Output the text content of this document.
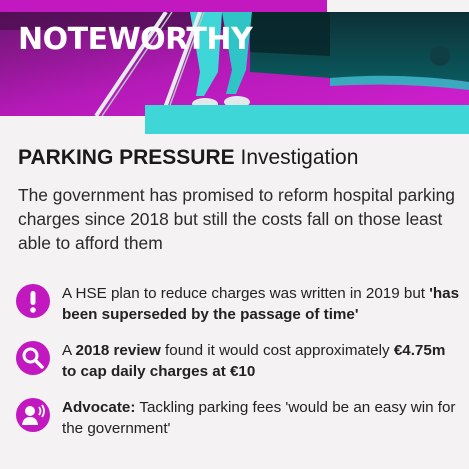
NOTEWORTHY
PARKING PRESSURE Investigation
The government has promised to reform hospital parking charges since 2018 but still the costs fall on those least able to afford them
A HSE plan to reduce charges was written in 2019 but 'has been superseded by the passage of time'
A 2018 review found it would cost approximately €4.75m to cap daily charges at €10
Advocate: Tackling parking fees 'would be an easy win for the government'
